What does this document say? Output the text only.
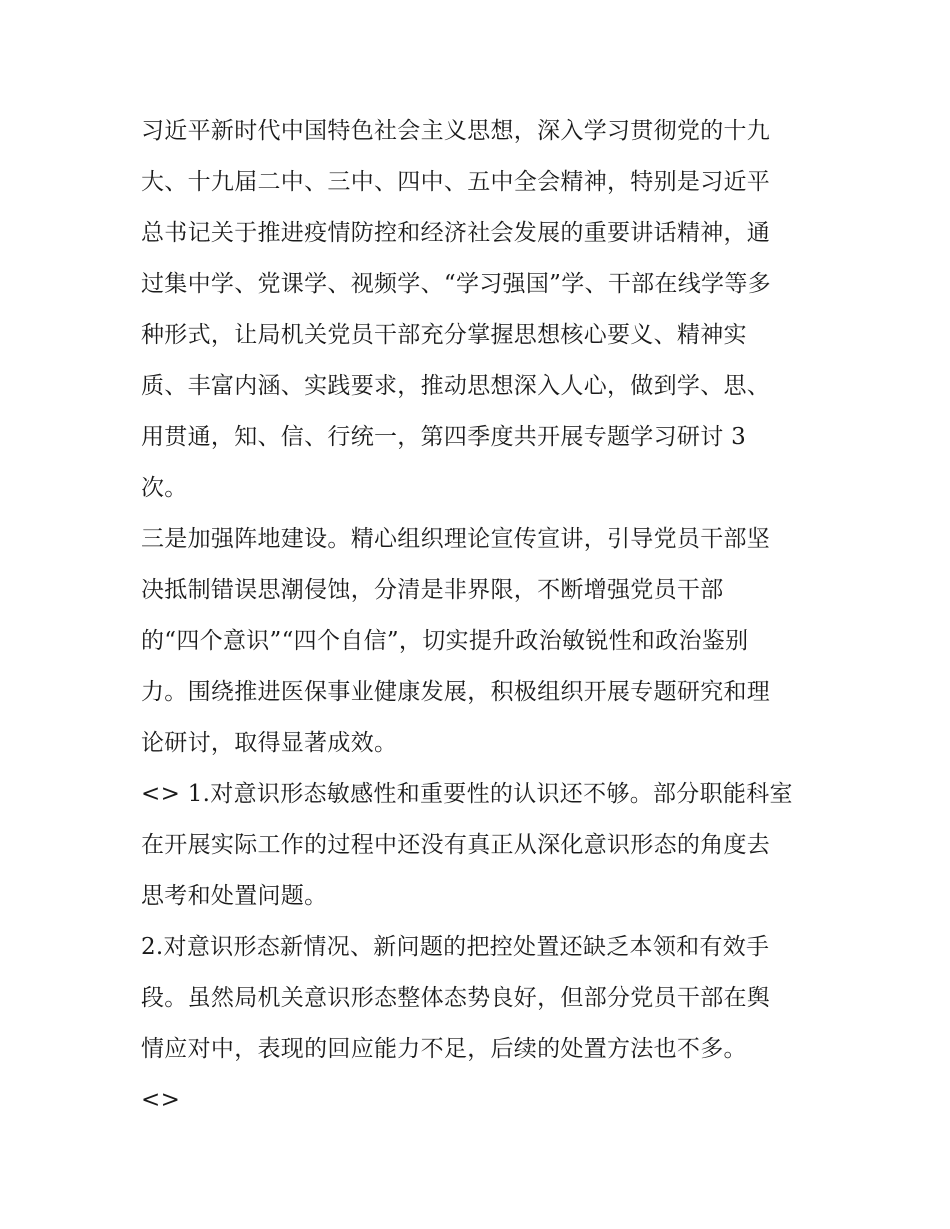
习近平新时代中国特色社会主义思想，深入学习贯彻党的十九
大、十九届二中、三中、四中、五中全会精神，特别是习近平
总书记关于推进疫情防控和经济社会发展的重要讲话精神，通
过集中学、党课学、视频学、“学习强国”学、干部在线学等多
种形式，让局机关党员干部充分掌握思想核心要义、精神实
质、丰富内涵、实践要求，推动思想深入人心，做到学、思、
用贯通，知、信、行统一，第四季度共开展专题学习研讨 3
次。
三是加强阵地建设。精心组织理论宣传宣讲，引导党员干部坚
决抵制错误思潮侵蚀，分清是非界限，不断增强党员干部
的“四个意识”“四个自信”，切实提升政治敏锐性和政治鉴别
力。围绕推进医保事业健康发展，积极组织开展专题研究和理
论研讨，取得显著成效。
<> 1.对意识形态敏感性和重要性的认识还不够。部分职能科室
在开展实际工作的过程中还没有真正从深化意识形态的角度去
思考和处置问题。
2.对意识形态新情况、新问题的把控处置还缺乏本领和有效手
段。虽然局机关意识形态整体态势良好，但部分党员干部在舆
情应对中，表现的回应能力不足，后续的处置方法也不多。
<>
